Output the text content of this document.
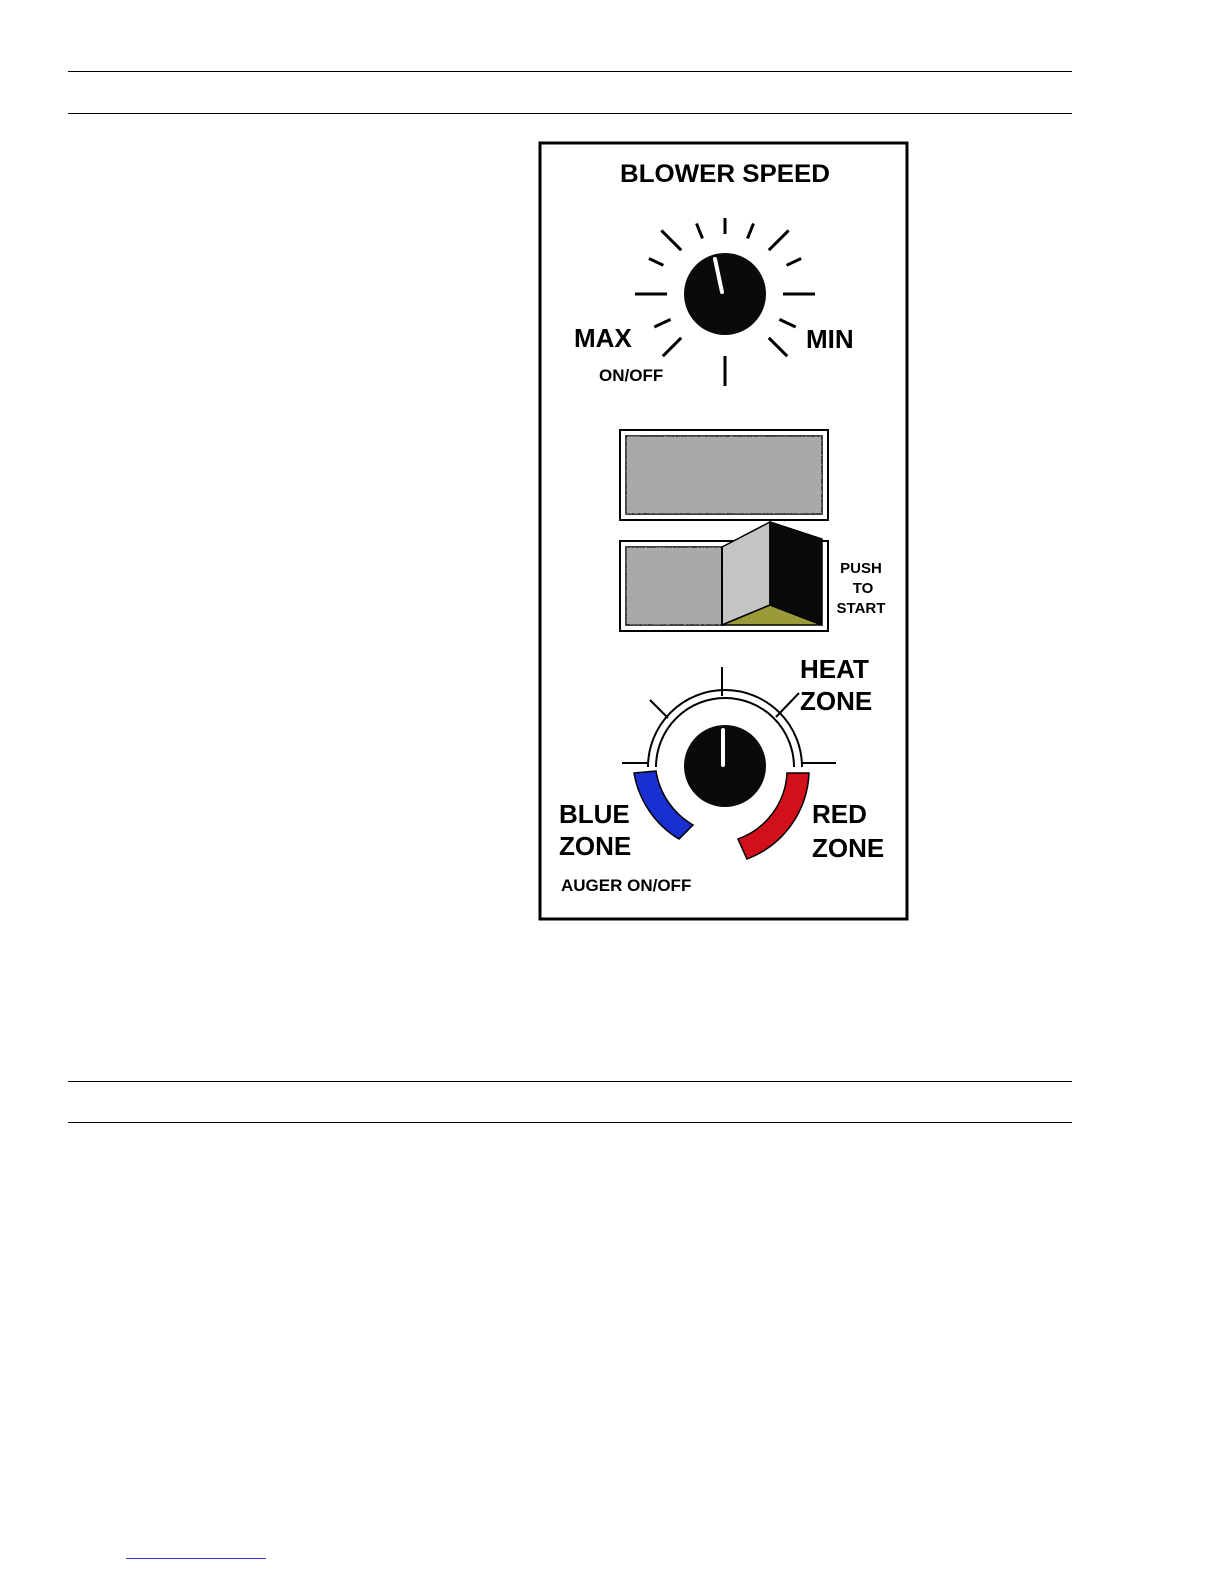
BLOWER SPEED
MAX	MIN
ON/OFF
PUSH
TO
START
HEAT
ZONE
BLUE
ZONE
RED
ZONE
AUGER ON/OFF
